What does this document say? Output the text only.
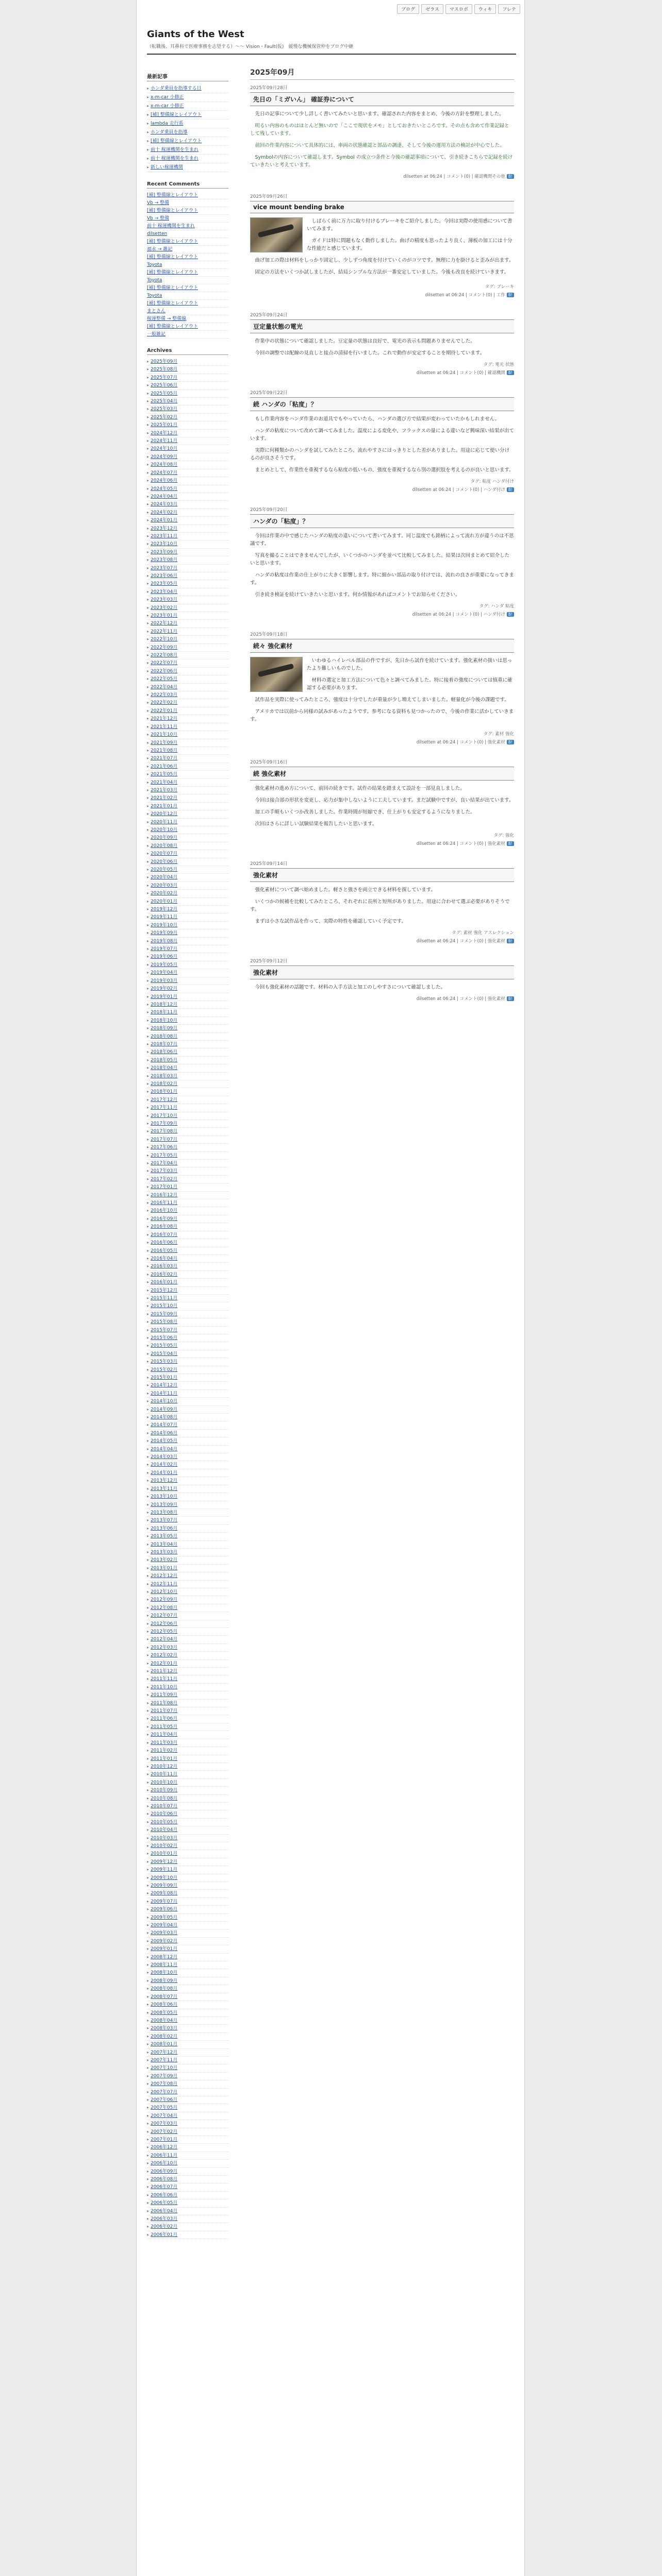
ブログ	ゼラス	マスロボ	ウィキ	フレテ
Giants of the West
（転職後、耳鼻科で医療事務を志望する）〜〜 Vision・Fault(仮)　緩慢な機械保管仲をブログ中継
最新記事
▸ ホンダ乗員を指導する日
▸ x-m-car 小修正
▸ x-m-car 小修正
▸ [補] 整備線とレイアウト
▸ lambda 走行系
▸ ホンダ乗員を指導
▸ [補] 整備線とレイアウト
▸ 前十 稼運機関を生まれ
▸ 前十 稼運機関を生まれ
▸ 新しい稼運機関
Recent Comments
[補] 整備線とレイアウト
Vb → 整備
[補] 整備線とレイアウト
Vb → 整備
前十 稼運機関を生まれ
dilsetten
[補] 整備線とレイアウト
福永 → 雑記
[補] 整備線とレイアウト
Toyota
[補] 整備線とレイアウト
Toyota
[補] 整備線とレイアウト
Toyota
[補] 整備線とレイアウト
まとさん
稼運整備 → 整備線
[補] 整備線とレイアウト
一般雑記
Archives
▸ 2025年09月
▸ 2025年08月
▸ 2025年07月
▸ 2025年06月
▸ 2025年05月
▸ 2025年04月
▸ 2025年03月
▸ 2025年02月
▸ 2025年01月
▸ 2024年12月
▸ 2024年11月
▸ 2024年10月
▸ 2024年09月
▸ 2024年08月
▸ 2024年07月
▸ 2024年06月
▸ 2024年05月
▸ 2024年04月
▸ 2024年03月
▸ 2024年02月
▸ 2024年01月
▸ 2023年12月
▸ 2023年11月
▸ 2023年10月
▸ 2023年09月
▸ 2023年08月
▸ 2023年07月
▸ 2023年06月
▸ 2023年05月
▸ 2023年04月
▸ 2023年03月
▸ 2023年02月
▸ 2023年01月
▸ 2022年12月
▸ 2022年11月
▸ 2022年10月
▸ 2022年09月
▸ 2022年08月
▸ 2022年07月
▸ 2022年06月
▸ 2022年05月
▸ 2022年04月
▸ 2022年03月
▸ 2022年02月
▸ 2022年01月
▸ 2021年12月
▸ 2021年11月
▸ 2021年10月
▸ 2021年09月
▸ 2021年08月
▸ 2021年07月
▸ 2021年06月
▸ 2021年05月
▸ 2021年04月
▸ 2021年03月
▸ 2021年02月
▸ 2021年01月
▸ 2020年12月
▸ 2020年11月
▸ 2020年10月
▸ 2020年09月
▸ 2020年08月
▸ 2020年07月
▸ 2020年06月
▸ 2020年05月
▸ 2020年04月
▸ 2020年03月
▸ 2020年02月
▸ 2020年01月
▸ 2019年12月
▸ 2019年11月
▸ 2019年10月
▸ 2019年09月
▸ 2019年08月
▸ 2019年07月
▸ 2019年06月
▸ 2019年05月
▸ 2019年04月
▸ 2019年03月
▸ 2019年02月
▸ 2019年01月
▸ 2018年12月
▸ 2018年11月
▸ 2018年10月
▸ 2018年09月
▸ 2018年08月
▸ 2018年07月
▸ 2018年06月
▸ 2018年05月
▸ 2018年04月
▸ 2018年03月
▸ 2018年02月
▸ 2018年01月
▸ 2017年12月
▸ 2017年11月
▸ 2017年10月
▸ 2017年09月
▸ 2017年08月
▸ 2017年07月
▸ 2017年06月
▸ 2017年05月
▸ 2017年04月
▸ 2017年03月
▸ 2017年02月
▸ 2017年01月
▸ 2016年12月
▸ 2016年11月
▸ 2016年10月
▸ 2016年09月
▸ 2016年08月
▸ 2016年07月
▸ 2016年06月
▸ 2016年05月
▸ 2016年04月
▸ 2016年03月
▸ 2016年02月
▸ 2016年01月
▸ 2015年12月
▸ 2015年11月
▸ 2015年10月
▸ 2015年09月
▸ 2015年08月
▸ 2015年07月
▸ 2015年06月
▸ 2015年05月
▸ 2015年04月
▸ 2015年03月
▸ 2015年02月
▸ 2015年01月
▸ 2014年12月
▸ 2014年11月
▸ 2014年10月
▸ 2014年09月
▸ 2014年08月
▸ 2014年07月
▸ 2014年06月
▸ 2014年05月
▸ 2014年04月
▸ 2014年03月
▸ 2014年02月
▸ 2014年01月
▸ 2013年12月
▸ 2013年11月
▸ 2013年10月
▸ 2013年09月
▸ 2013年08月
▸ 2013年07月
▸ 2013年06月
▸ 2013年05月
▸ 2013年04月
▸ 2013年03月
▸ 2013年02月
▸ 2013年01月
▸ 2012年12月
▸ 2012年11月
▸ 2012年10月
▸ 2012年09月
▸ 2012年08月
▸ 2012年07月
▸ 2012年06月
▸ 2012年05月
▸ 2012年04月
▸ 2012年03月
▸ 2012年02月
▸ 2012年01月
▸ 2011年12月
▸ 2011年11月
▸ 2011年10月
▸ 2011年09月
▸ 2011年08月
▸ 2011年07月
▸ 2011年06月
▸ 2011年05月
▸ 2011年04月
▸ 2011年03月
▸ 2011年02月
▸ 2011年01月
▸ 2010年12月
▸ 2010年11月
▸ 2010年10月
▸ 2010年09月
▸ 2010年08月
▸ 2010年07月
▸ 2010年06月
▸ 2010年05月
▸ 2010年04月
▸ 2010年03月
▸ 2010年02月
▸ 2010年01月
▸ 2009年12月
▸ 2009年11月
▸ 2009年10月
▸ 2009年09月
▸ 2009年08月
▸ 2009年07月
▸ 2009年06月
▸ 2009年05月
▸ 2009年04月
▸ 2009年03月
▸ 2009年02月
▸ 2009年01月
▸ 2008年12月
▸ 2008年11月
▸ 2008年10月
▸ 2008年09月
▸ 2008年08月
▸ 2008年07月
▸ 2008年06月
▸ 2008年05月
▸ 2008年04月
▸ 2008年03月
▸ 2008年02月
▸ 2008年01月
▸ 2007年12月
▸ 2007年11月
▸ 2007年10月
▸ 2007年09月
▸ 2007年08月
▸ 2007年07月
▸ 2007年06月
▸ 2007年05月
▸ 2007年04月
▸ 2007年03月
▸ 2007年02月
▸ 2007年01月
▸ 2006年12月
▸ 2006年11月
▸ 2006年10月
▸ 2006年09月
▸ 2006年08月
▸ 2006年07月
▸ 2006年06月
▸ 2006年05月
▸ 2006年04月
▸ 2006年03月
▸ 2006年02月
▸ 2006年01月
2025年09月
2025年09月28日
先日の「ミガいん」 確証券について

先日の記事について少し詳しく書いてみたいと思います。確認された内容をまとめ、今後の方針を整理しました。

明るい内容のものはほとんど無いので「ここで現状をメモ」としておきたいところです。その点も含めて作業記録として残しています。

前回の作業内容について具体的には、車両の状態確認と部品の調達、そして今後の運用方法の検討が中心でした。

Symbolの内容について確認します。Symbol の成立つ条件と今後の確認事項について、引き続きこちらで記録を続けていきたいと考えています。

dilsetten at 06:24 | コメント(0) | 確認機関その他 B!
2025年09月26日
vice mount bending brake

しばらく前に万力に取り付けるブレーキをご紹介しました。今回は実際の使用感について書いてみます。

ガイドは特に問題もなく動作しました。曲げの精度も思ったより良く、薄板の加工には十分な性能だと感じています。

曲げ加工の際は材料をしっかり固定し、少しずつ角度を付けていくのがコツです。無理に力を掛けると歪みが出ます。

固定の方法をいくつか試しましたが、結局シンプルな方法が一番安定していました。今後も改良を続けていきます。

タグ: ブレーキ
dilsetten at 06:24 | コメント(0) | 工作 B!
2025年09月24日
豆定量状態の電光

作業中の状態について確認しました。豆定量の状態は良好で、電光の表示も問題ありませんでした。

今回の調整では配線の見直しと接点の清掃を行いました。これで動作が安定することを期待しています。

タグ: 電光 状態
dilsetten at 06:24 | コメント(0) | 確認機関 B!
2025年09月22日
続 ハンダの「粘度」？

もし作業内容をハンダ作業のお道具でもやっていたら、ハンダの選び方で結果が変わっていたかもしれません。

ハンダの粘度について改めて調べてみました。温度による変化や、フラックスの量による違いなど興味深い結果が出ています。

実際に何種類かのハンダを試してみたところ、流れやすさにはっきりとした差がありました。用途に応じて使い分けるのが良さそうです。

まとめとして、作業性を重視するなら粘度の低いもの、強度を重視するなら別の選択肢を考えるのが良いと思います。

タグ: 粘度 ハンダ付け
dilsetten at 06:24 | コメント(0) | ハンダ付け B!
2025年09月20日
ハンダの「粘度」？

今回は作業の中で感じたハンダの粘度の違いについて書いてみます。同じ温度でも銘柄によって流れ方が違うのは不思議です。

写真を撮ることはできませんでしたが、いくつかのハンダを並べて比較してみました。結果は次回まとめて紹介したいと思います。

ハンダの粘度は作業の仕上がりに大きく影響します。特に細かい部品の取り付けでは、流れの良さが重要になってきます。

引き続き検証を続けていきたいと思います。何か情報があればコメントでお知らせください。

タグ: ハンダ 粘度
dilsetten at 06:24 | コメント(0) | ハンダ付け B!
2025年09月18日
続々 強化素材

いわゆるハイレベル部品の件ですが、先日から試作を続けています。強化素材の扱いは思ったより難しいものでした。

材料の選定と加工方法について色々と調べてみました。特に接着の強度については慎重に確認する必要があります。

試作品を実際に使ってみたところ、強度は十分でしたが重量が少し増えてしまいました。軽量化が今後の課題です。

アメリカでは以前から同様の試みがあったようです。参考になる資料も見つかったので、今後の作業に活かしていきます。

タグ: 素材 強化
dilsetten at 06:24 | コメント(0) | 強化素材 B!
2025年09月16日
続 強化素材

強化素材の進め方について、前回の続きです。試作の結果を踏まえて設計を一部見直しました。

今回は接合部の形状を変更し、応力が集中しないように工夫しています。まだ試験中ですが、良い結果が出ています。

加工の手順もいくつか改善しました。作業時間が短縮でき、仕上がりも安定するようになりました。

次回はさらに詳しい試験結果を報告したいと思います。

タグ: 強化
dilsetten at 06:24 | コメント(0) | 強化素材 B!
2025年09月14日
強化素材

強化素材について調べ始めました。軽さと強さを両立できる材料を探しています。

いくつかの候補を比較してみたところ、それぞれに長所と短所がありました。用途に合わせて選ぶ必要がありそうです。

まずは小さな試作品を作って、実際の特性を確認していく予定です。

タグ: 素材 強化 アスレクション
dilsetten at 06:24 | コメント(0) | 強化素材 B!
2025年09月12日
強化素材

今回も強化素材の話題です。材料の入手方法と加工のしやすさについて確認しました。

dilsetten at 06:24 | コメント(0) | 強化素材 B!
